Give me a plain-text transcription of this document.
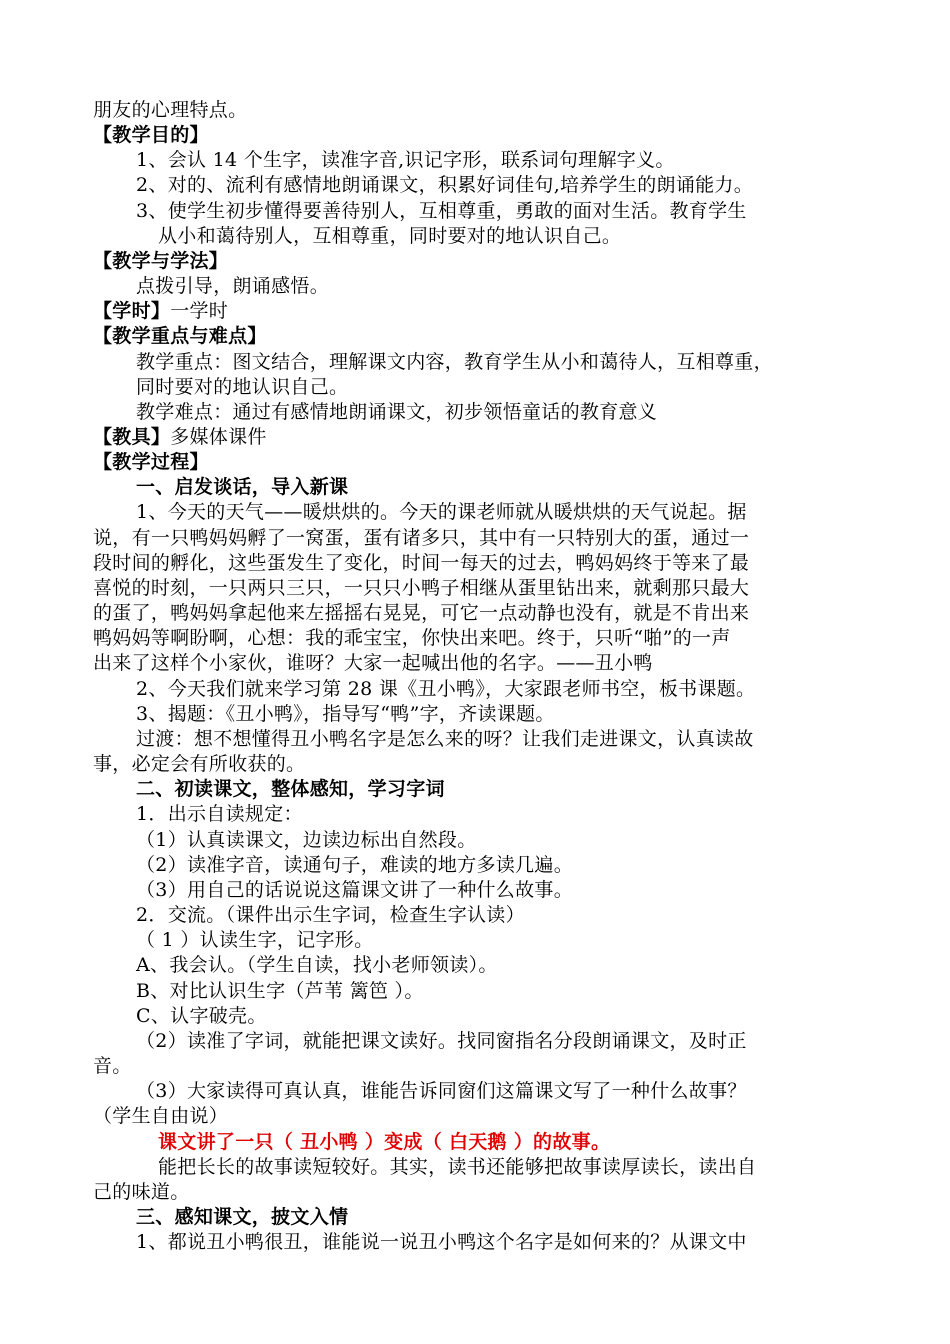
朋友的心理特点。
【教学目的】
1、会认 14 个生字，读准字音,识记字形，联系词句理解字义。
2、对的、流利有感情地朗诵课文，积累好词佳句,培养学生的朗诵能力。
3、使学生初步懂得要善待别人，互相尊重，勇敢的面对生活。教育学生
从小和蔼待别人，互相尊重，同时要对的地认识自己。
【教学与学法】
点拨引导，朗诵感悟。
【学时】一学时
【教学重点与难点】
教学重点：图文结合，理解课文内容，教育学生从小和蔼待人，互相尊重，
同时要对的地认识自己。
教学难点：通过有感情地朗诵课文，初步领悟童话的教育意义
【教具】多媒体课件
【教学过程】
一、启发谈话，导入新课
1、今天的天气——暖烘烘的。今天的课老师就从暖烘烘的天气说起。据
说，有一只鸭妈妈孵了一窝蛋，蛋有诸多只，其中有一只特别大的蛋，通过一
段时间的孵化，这些蛋发生了变化，时间一每天的过去，鸭妈妈终于等来了最
喜悦的时刻，一只两只三只，一只只小鸭子相继从蛋里钻出来，就剩那只最大
的蛋了，鸭妈妈拿起他来左摇摇右晃晃，可它一点动静也没有，就是不肯出来
鸭妈妈等啊盼啊，心想：我的乖宝宝，你快出来吧。终于，只听“啪”的一声
出来了这样个小家伙，谁呀？大家一起喊出他的名字。——丑小鸭
2、今天我们就来学习第 28 课《丑小鸭》，大家跟老师书空，板书课题。
3、揭题：《丑小鸭》，指导写“鸭”字，齐读课题。
过渡：想不想懂得丑小鸭名字是怎么来的呀？让我们走进课文，认真读故
事，必定会有所收获的。
二、初读课文，整体感知，学习字词
1．出示自读规定：
（1）认真读课文，边读边标出自然段。
（2）读准字音，读通句子，难读的地方多读几遍。
（3）用自己的话说说这篇课文讲了一种什么故事。
2．交流。（课件出示生字词，检查生字认读）
（ 1 ）认读生字，记字形。
A、我会认。（学生自读，找小老师领读）。
B、对比认识生字（芦苇 篱笆 ）。
C、认字破壳。
（2）读准了字词，就能把课文读好。找同窗指名分段朗诵课文，及时正
音。
（3）大家读得可真认真，谁能告诉同窗们这篇课文写了一种什么故事？
（学生自由说）
课文讲了一只（ 丑小鸭 ）变成（ 白天鹅 ）的故事。
能把长长的故事读短较好。其实，读书还能够把故事读厚读长，读出自
己的味道。
三、感知课文，披文入情
1、都说丑小鸭很丑，谁能说一说丑小鸭这个名字是如何来的？从课文中
